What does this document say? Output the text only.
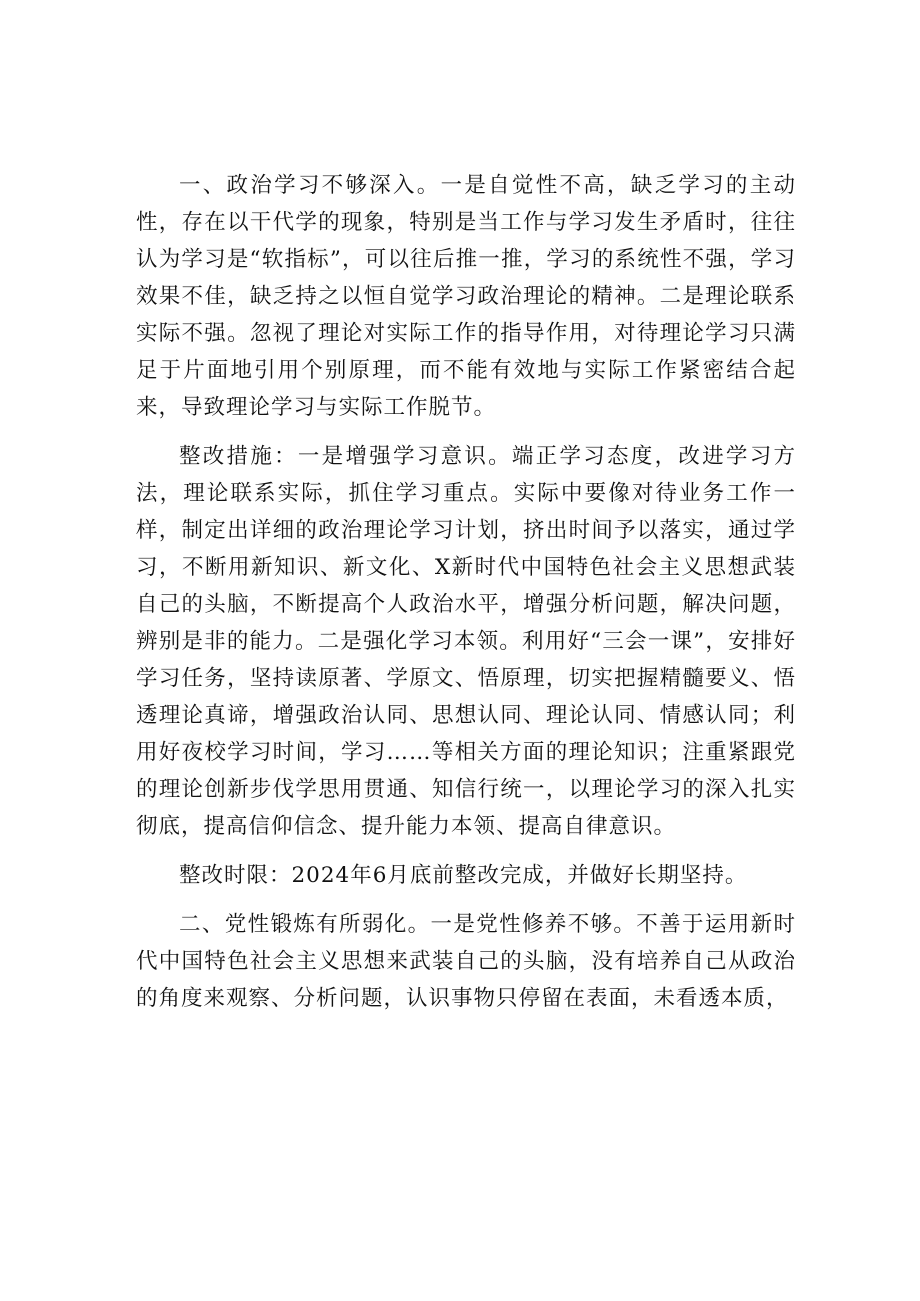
一、政治学习不够深入。一是自觉性不高，缺乏学习的主动性，存在以干代学的现象，特别是当工作与学习发生矛盾时，往往认为学习是“软指标”，可以往后推一推，学习的系统性不强，学习效果不佳，缺乏持之以恒自觉学习政治理论的精神。二是理论联系实际不强。忽视了理论对实际工作的指导作用，对待理论学习只满足于片面地引用个别原理，而不能有效地与实际工作紧密结合起来，导致理论学习与实际工作脱节。

整改措施：一是增强学习意识。端正学习态度，改进学习方法，理论联系实际，抓住学习重点。实际中要像对待业务工作一样，制定出详细的政治理论学习计划，挤出时间予以落实，通过学习，不断用新知识、新文化、X新时代中国特色社会主义思想武装自己的头脑，不断提高个人政治水平，增强分析问题，解决问题，辨别是非的能力。二是强化学习本领。利用好“三会一课”，安排好学习任务，坚持读原著、学原文、悟原理，切实把握精髓要义、悟透理论真谛，增强政治认同、思想认同、理论认同、情感认同；利用好夜校学习时间，学习……等相关方面的理论知识；注重紧跟党的理论创新步伐学思用贯通、知信行统一，以理论学习的深入扎实彻底，提高信仰信念、提升能力本领、提高自律意识。

整改时限：2024年6月底前整改完成，并做好长期坚持。

二、党性锻炼有所弱化。一是党性修养不够。不善于运用新时代中国特色社会主义思想来武装自己的头脑，没有培养自己从政治的角度来观察、分析问题，认识事物只停留在表面，未看透本质，
